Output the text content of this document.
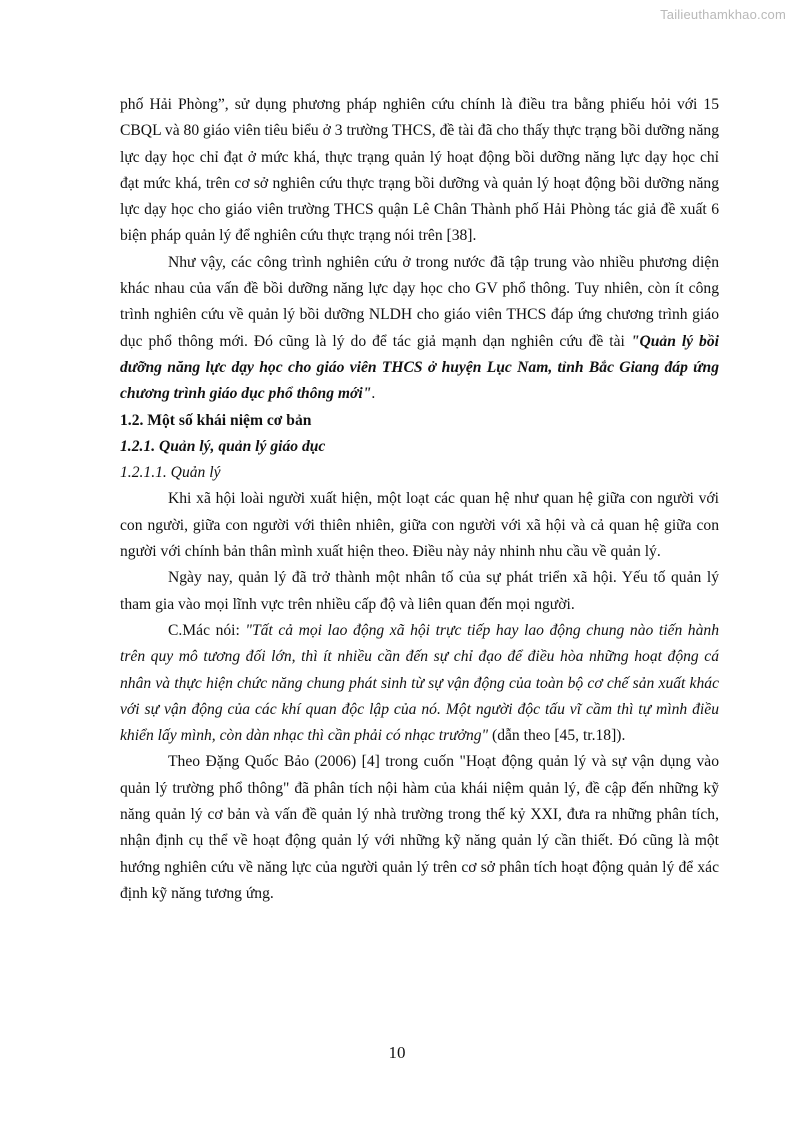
Tailieuthamkhao.com

phố Hải Phòng”, sử dụng phương pháp nghiên cứu chính là điều tra bằng phiếu hỏi với 15 CBQL và 80 giáo viên tiêu biểu ở 3 trường THCS, đề tài đã cho thấy thực trạng bồi dưỡng năng lực dạy học chỉ đạt ở mức khá, thực trạng quản lý hoạt động bồi dưỡng năng lực dạy học chỉ đạt mức khá, trên cơ sở nghiên cứu thực trạng bồi dưỡng và quản lý hoạt động bồi dưỡng năng lực dạy học cho giáo viên trường THCS quận Lê Chân Thành phố Hải Phòng tác giả đề xuất 6 biện pháp quản lý để nghiên cứu thực trạng nói trên [38].

Như vậy, các công trình nghiên cứu ở trong nước đã tập trung vào nhiều phương diện khác nhau của vấn đề bồi dưỡng năng lực dạy học cho GV phổ thông. Tuy nhiên, còn ít công trình nghiên cứu về quản lý bồi dưỡng NLDH cho giáo viên THCS đáp ứng chương trình giáo dục phổ thông mới. Đó cũng là lý do để tác giả mạnh dạn nghiên cứu đề tài "Quản lý bồi dưỡng năng lực dạy học cho giáo viên THCS ở huyện Lục Nam, tỉnh Bắc Giang đáp ứng chương trình giáo dục phổ thông mới".

1.2. Một số khái niệm cơ bản
1.2.1. Quản lý, quản lý giáo dục
1.2.1.1. Quản lý

Khi xã hội loài người xuất hiện, một loạt các quan hệ như quan hệ giữa con người với con người, giữa con người với thiên nhiên, giữa con người với xã hội và cả quan hệ giữa con người với chính bản thân mình xuất hiện theo. Điều này nảy nhinh nhu cầu về quản lý.

Ngày nay, quản lý đã trở thành một nhân tố của sự phát triển xã hội. Yếu tố quản lý tham gia vào mọi lĩnh vực trên nhiều cấp độ và liên quan đến mọi người.

C.Mác nói: "Tất cả mọi lao động xã hội trực tiếp hay lao động chung nào tiến hành trên quy mô tương đối lớn, thì ít nhiều cần đến sự chỉ đạo để điều hòa những hoạt động cá nhân và thực hiện chức năng chung phát sinh từ sự vận động của toàn bộ cơ chế sản xuất khác với sự vận động của các khí quan độc lập của nó. Một người độc tấu vĩ cầm thì tự mình điều khiển lấy mình, còn dàn nhạc thì cần phải có nhạc trưởng" (dẫn theo [45, tr.18]).

Theo Đặng Quốc Bảo (2006) [4] trong cuốn "Hoạt động quản lý và sự vận dụng vào quản lý trường phổ thông" đã phân tích nội hàm của khái niệm quản lý, đề cập đến những kỹ năng quản lý cơ bản và vấn đề quản lý nhà trường trong thế kỷ XXI, đưa ra những phân tích, nhận định cụ thể về hoạt động quản lý với những kỹ năng quản lý cần thiết. Đó cũng là một hướng nghiên cứu về năng lực của người quản lý trên cơ sở phân tích hoạt động quản lý để xác định kỹ năng tương ứng.

10
